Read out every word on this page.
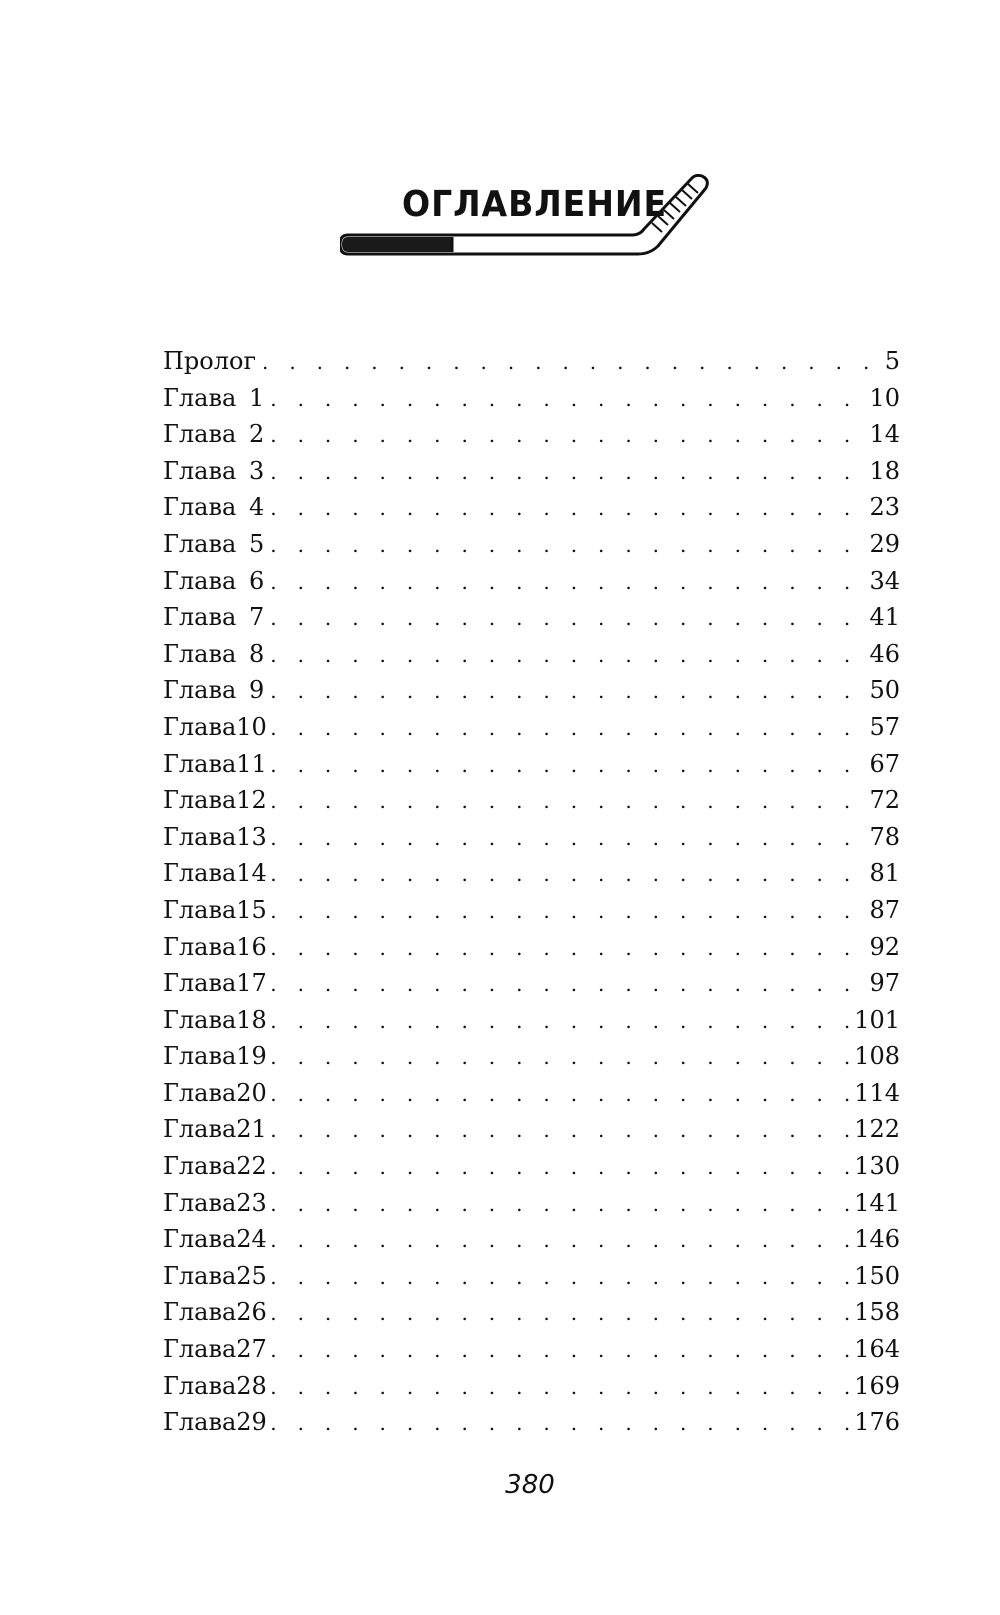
ОГЛАВЛЕНИЕ
Пролог . . .	5
Глава 1 . . .	10
Глава 2 . . .	14
Глава 3 . . .	18
Глава 4 . . .	23
Глава 5 . . .	29
Глава 6 . . .	34
Глава 7 . . .	41
Глава 8 . . .	46
Глава 9 . . .	50
Глава10 . . .	57
Глава11 . . .	67
Глава12 . . .	72
Глава13 . . .	78
Глава14 . . .	81
Глава15 . . .	87
Глава16 . . .	92
Глава17 . . .	97
Глава18 . . .	101
Глава19 . . .	108
Глава20 . . .	114
Глава21 . . .	122
Глава22 . . .	130
Глава23 . . .	141
Глава24 . . .	146
Глава25 . . .	150
Глава26 . . .	158
Глава27 . . .	164
Глава28 . . .	169
Глава29 . . .	176
380
